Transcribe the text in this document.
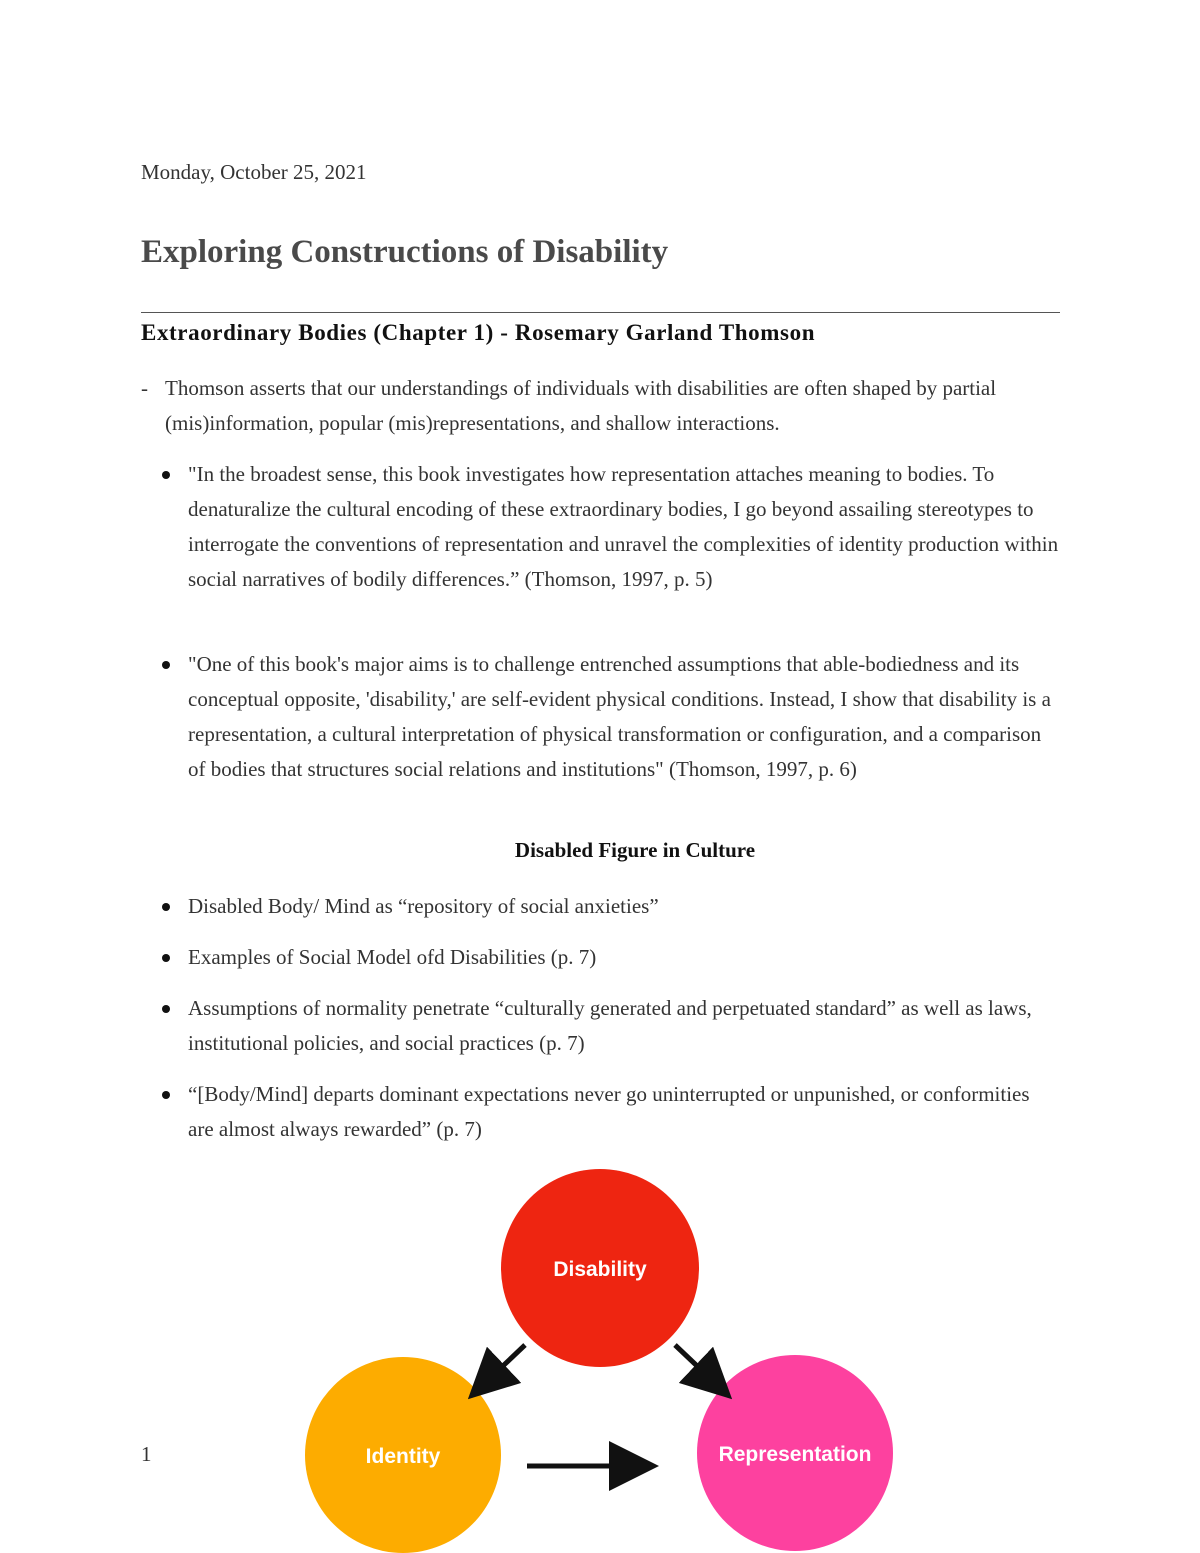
Monday, October 25, 2021
Exploring Constructions of Disability
Extraordinary Bodies (Chapter 1) - Rosemary Garland Thomson
- Thomson asserts that our understandings of individuals with disabilities are often shaped by partial (mis)information, popular (mis)representations, and shallow interactions.
"In the broadest sense, this book investigates how representation attaches meaning to bodies. To denaturalize the cultural encoding of these extraordinary bodies, I go beyond assailing stereotypes to interrogate the conventions of representation and unravel the complexities of identity production within social narratives of bodily differences.” (Thomson, 1997, p. 5)
"One of this book's major aims is to challenge entrenched assumptions that able-bodiedness and its conceptual opposite, 'disability,' are self-evident physical conditions. Instead, I show that disability is a representation, a cultural interpretation of physical transformation or configuration, and a comparison of bodies that structures social relations and institutions" (Thomson, 1997, p. 6)
Disabled Figure in Culture
Disabled Body/ Mind as “repository of social anxieties”
Examples of Social Model ofd Disabilities (p. 7)
Assumptions of normality penetrate “culturally generated and perpetuated standard” as well as laws, institutional policies, and social practices (p. 7)
“[Body/Mind] departs dominant expectations never go uninterrupted or unpunished, or conformities are almost always rewarded” (p. 7)
1
Disability
Identity	Representation
